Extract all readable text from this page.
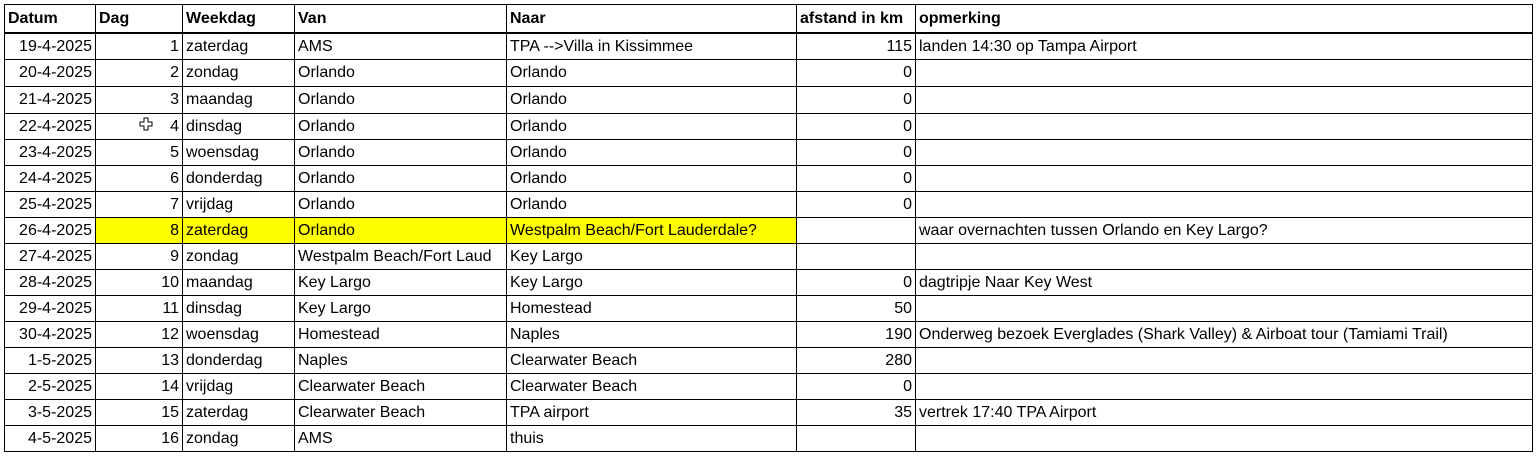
Datum	Dag	Weekdag	Van	Naar	afstand in km	opmerking
19-4-2025	1	zaterdag	AMS	TPA -->Villa in Kissimmee	115	landen 14:30 op Tampa Airport
20-4-2025	2	zondag	Orlando	Orlando	0	
21-4-2025	3	maandag	Orlando	Orlando	0	
22-4-2025	4	dinsdag	Orlando	Orlando	0	
23-4-2025	5	woensdag	Orlando	Orlando	0	
24-4-2025	6	donderdag	Orlando	Orlando	0	
25-4-2025	7	vrijdag	Orlando	Orlando	0	
26-4-2025	8	zaterdag	Orlando	Westpalm Beach/Fort Lauderdale?		waar overnachten tussen Orlando en Key Largo?
27-4-2025	9	zondag	Westpalm Beach/Fort Laud	Key Largo		
28-4-2025	10	maandag	Key Largo	Key Largo	0	dagtripje Naar Key West
29-4-2025	11	dinsdag	Key Largo	Homestead	50	
30-4-2025	12	woensdag	Homestead	Naples	190	Onderweg bezoek Everglades (Shark Valley) & Airboat tour (Tamiami Trail)
1-5-2025	13	donderdag	Naples	Clearwater Beach	280	
2-5-2025	14	vrijdag	Clearwater Beach	Clearwater Beach	0	
3-5-2025	15	zaterdag	Clearwater Beach	TPA airport	35	vertrek 17:40 TPA Airport
4-5-2025	16	zondag	AMS	thuis		
